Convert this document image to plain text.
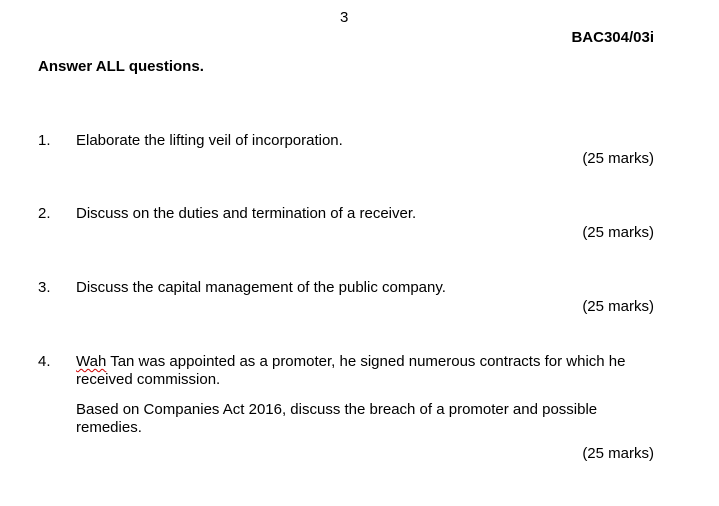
3
BAC304/03i
Answer ALL questions.
1. Elaborate the lifting veil of incorporation.
(25 marks)
2. Discuss on the duties and termination of a receiver.
(25 marks)
3. Discuss the capital management of the public company.
(25 marks)
4. Wah Tan was appointed as a promoter, he signed numerous contracts for which he received commission.
Based on Companies Act 2016, discuss the breach of a promoter and possible remedies.
(25 marks)
